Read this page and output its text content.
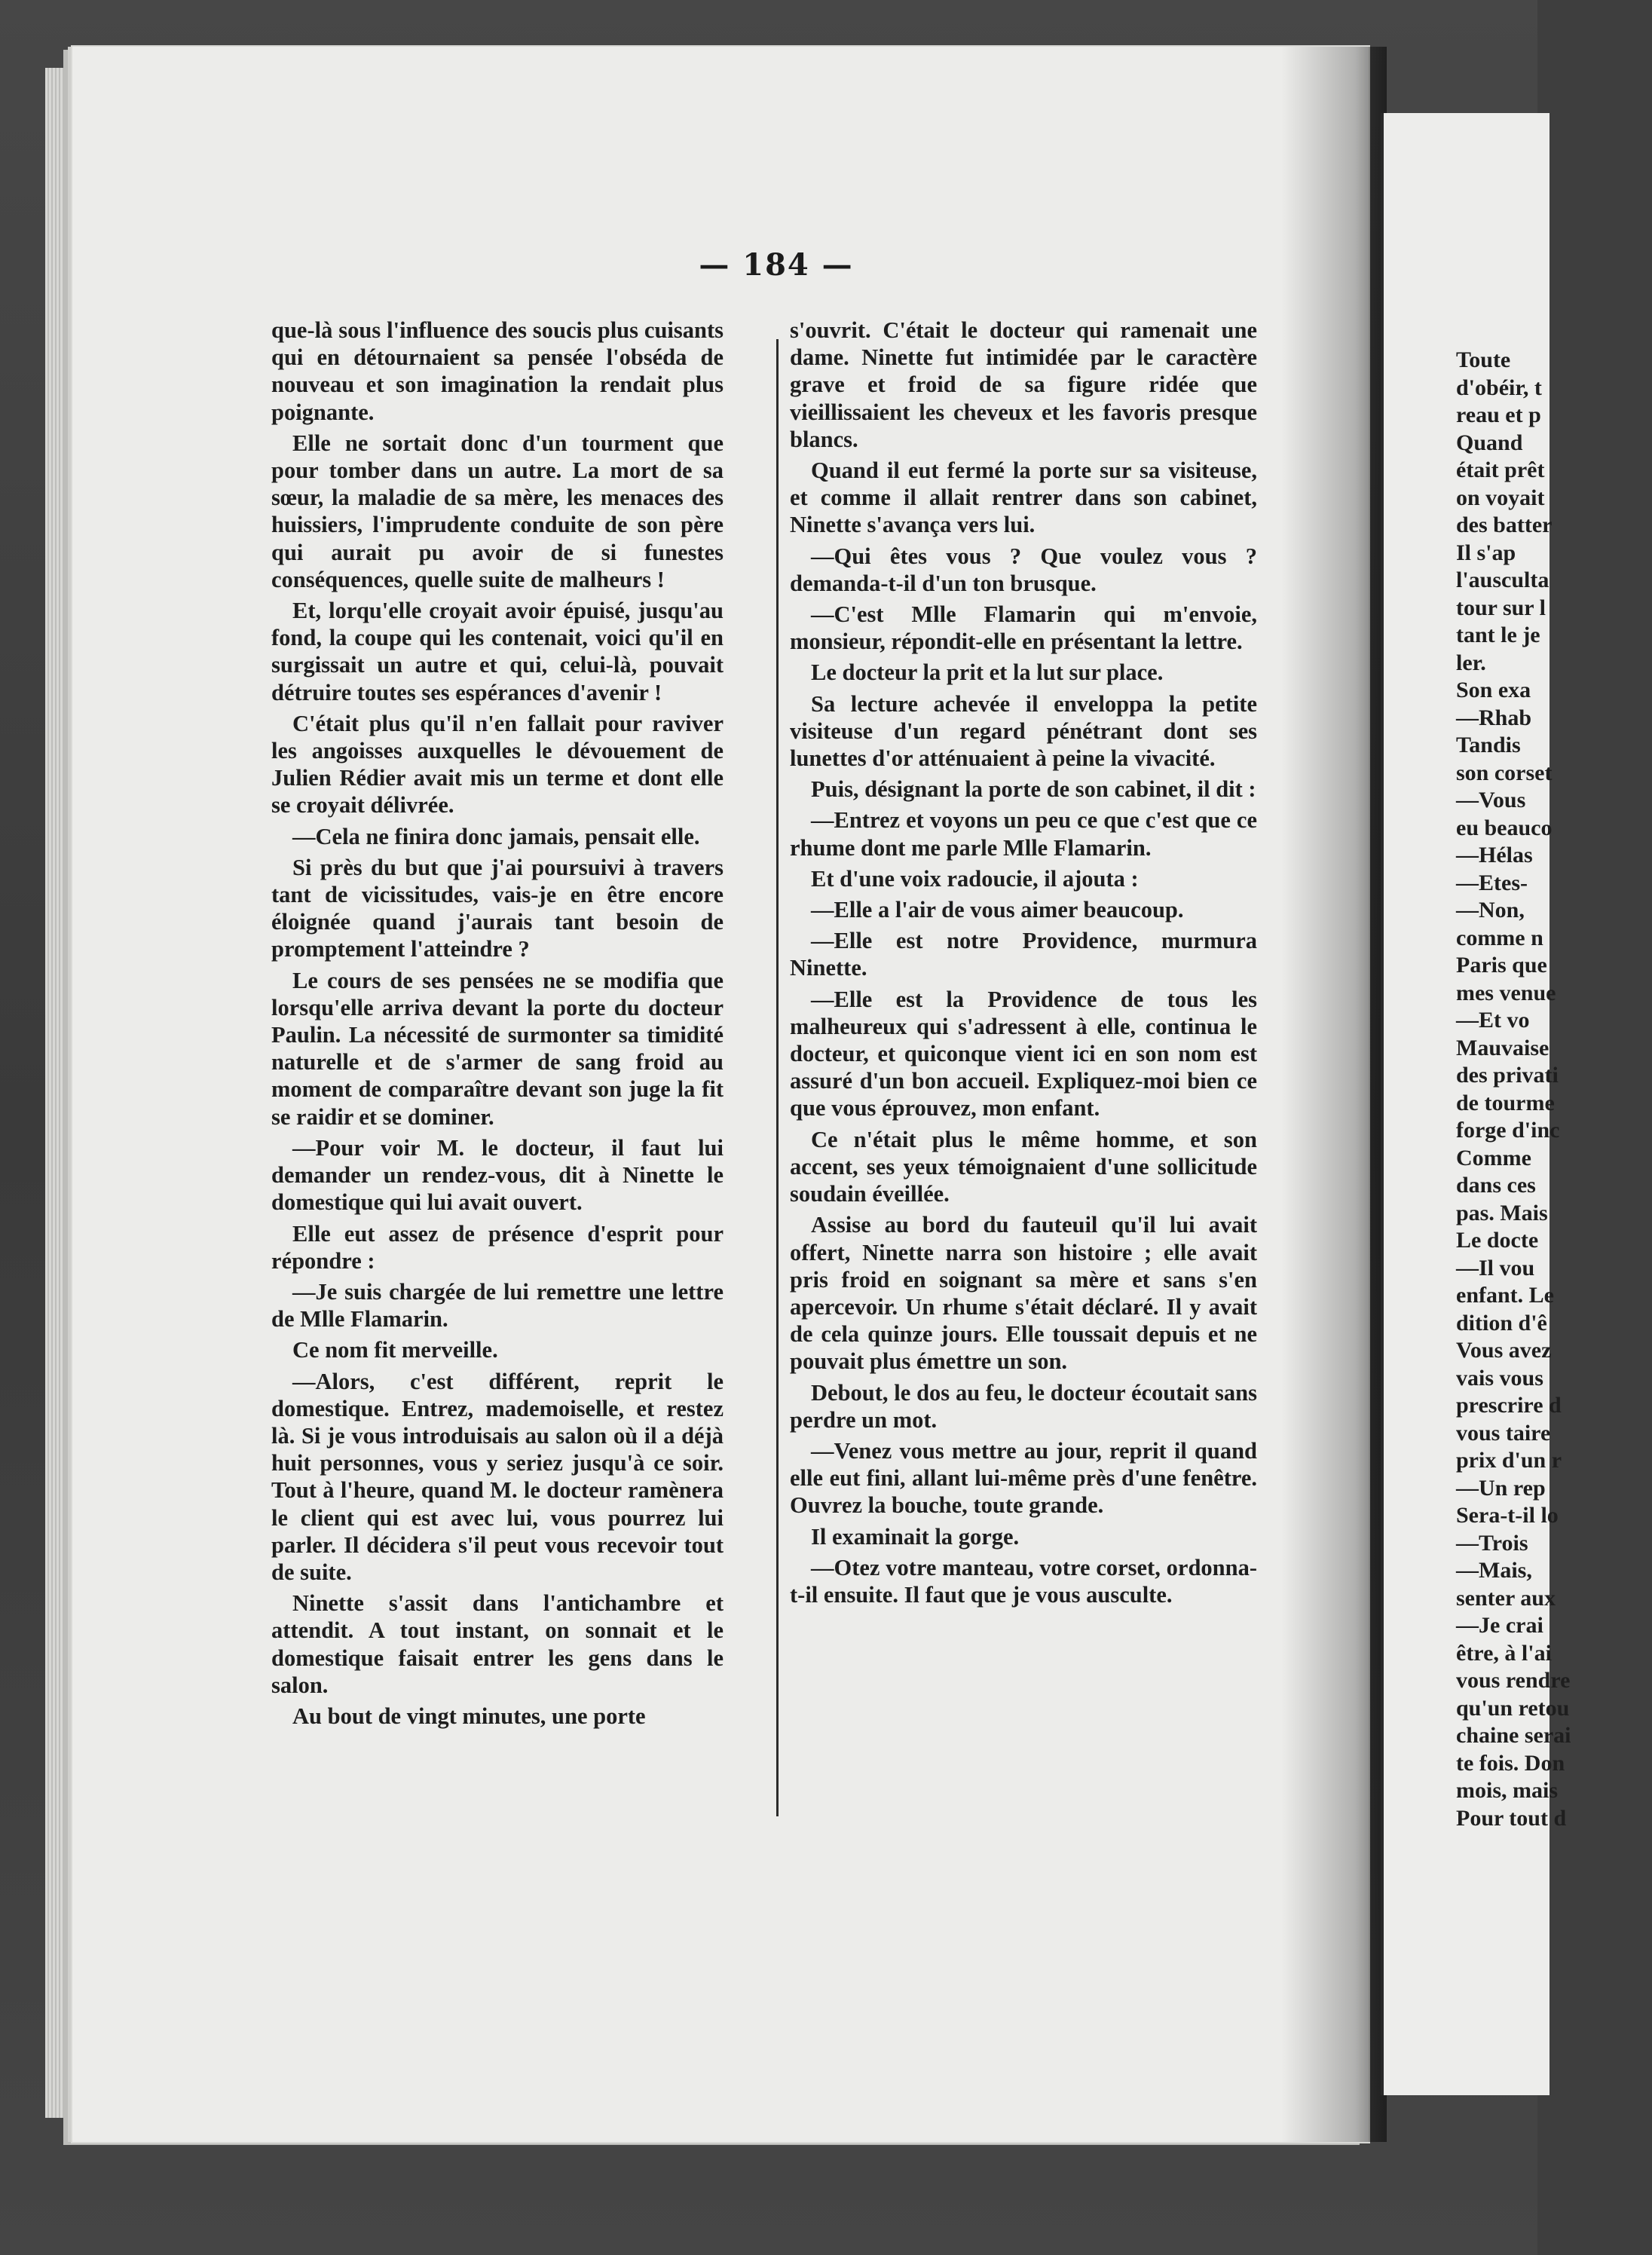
— 184 —

que-là sous l'influence des soucis plus cuisants qui en détournaient sa pensée l'obséda de nouveau et son imagination la rendait plus poignante.

Elle ne sortait donc d'un tourment que pour tomber dans un autre. La mort de sa sœur, la maladie de sa mère, les menaces des huissiers, l'imprudente conduite de son père qui aurait pu avoir de si funestes conséquences, quelle suite de malheurs !

Et, lorqu'elle croyait avoir épuisé, jusqu'au fond, la coupe qui les contenait, voici qu'il en surgissait un autre et qui, celui-là, pouvait détruire toutes ses espérances d'avenir !

C'était plus qu'il n'en fallait pour raviver les angoisses auxquelles le dévouement de Julien Rédier avait mis un terme et dont elle se croyait délivrée.

—Cela ne finira donc jamais, pensait elle.

Si près du but que j'ai poursuivi à travers tant de vicissitudes, vais-je en être encore éloignée quand j'aurais tant besoin de promptement l'atteindre ?

Le cours de ses pensées ne se modifia que lorsqu'elle arriva devant la porte du docteur Paulin. La nécessité de surmonter sa timidité naturelle et de s'armer de sang froid au moment de comparaître devant son juge la fit se raidir et se dominer.

—Pour voir M. le docteur, il faut lui demander un rendez-vous, dit à Ninette le domestique qui lui avait ouvert.

Elle eut assez de présence d'esprit pour répondre :

—Je suis chargée de lui remettre une lettre de Mlle Flamarin.

Ce nom fit merveille.

—Alors, c'est différent, reprit le domestique. Entrez, mademoiselle, et restez là. Si je vous introduisais au salon où il a déjà huit personnes, vous y seriez jusqu'à ce soir. Tout à l'heure, quand M. le docteur ramènera le client qui est avec lui, vous pourrez lui parler. Il décidera s'il peut vous recevoir tout de suite.

Ninette s'assit dans l'antichambre et attendit. A tout instant, on sonnait et le domestique faisait entrer les gens dans le salon.

Au bout de vingt minutes, une porte

s'ouvrit. C'était le docteur qui ramenait une dame. Ninette fut intimidée par le caractère grave et froid de sa figure ridée que vieillissaient les cheveux et les favoris presque blancs.

Quand il eut fermé la porte sur sa visiteuse, et comme il allait rentrer dans son cabinet, Ninette s'avança vers lui.

—Qui êtes vous ? Que voulez vous ? demanda-t-il d'un ton brusque.

—C'est Mlle Flamarin qui m'envoie, monsieur, répondit-elle en présentant la lettre.

Le docteur la prit et la lut sur place.

Sa lecture achevée il enveloppa la petite visiteuse d'un regard pénétrant dont ses lunettes d'or atténuaient à peine la vivacité.

Puis, désignant la porte de son cabinet, il dit :

—Entrez et voyons un peu ce que c'est que ce rhume dont me parle Mlle Flamarin.

Et d'une voix radoucie, il ajouta :

—Elle a l'air de vous aimer beaucoup.

—Elle est notre Providence, murmura Ninette.

—Elle est la Providence de tous les malheureux qui s'adressent à elle, continua le docteur, et quiconque vient ici en son nom est assuré d'un bon accueil. Expliquez-moi bien ce que vous éprouvez, mon enfant.

Ce n'était plus le même homme, et son accent, ses yeux témoignaient d'une sollicitude soudain éveillée.

Assise au bord du fauteuil qu'il lui avait offert, Ninette narra son histoire ; elle avait pris froid en soignant sa mère et sans s'en apercevoir. Un rhume s'était déclaré. Il y avait de cela quinze jours. Elle toussait depuis et ne pouvait plus émettre un son.

Debout, le dos au feu, le docteur écoutait sans perdre un mot.

—Venez vous mettre au jour, reprit il quand elle eut fini, allant lui-même près d'une fenêtre. Ouvrez la bouche, toute grande.

Il examinait la gorge.

—Otez votre manteau, votre corset, ordonna-t-il ensuite. Il faut que je vous ausculte.

Toute

d'obéir, t

reau et p

Quand

était prêt

on voyait

des batter

Il s'ap

l'ausculta

tour sur l

tant le je

ler.

Son exa

—Rhab

Tandis

son corset

—Vous

eu beauco

—Hélas

—Etes-

—Non,

comme n

Paris que

mes venue

—Et vo

Mauvaise

des privati

de tourme

forge d'inc

Comme

dans ces

pas. Mais

Le docte

—Il vou

enfant. Le

dition d'ê

Vous avez

vais vous

prescrire d

vous taire

prix d'un r

—Un rep

Sera-t-il lo

—Trois

—Mais,

senter aux

—Je crai

être, à l'ai

vous rendre

qu'un retou

chaine serai

te fois. Don

mois, mais

Pour tout d
